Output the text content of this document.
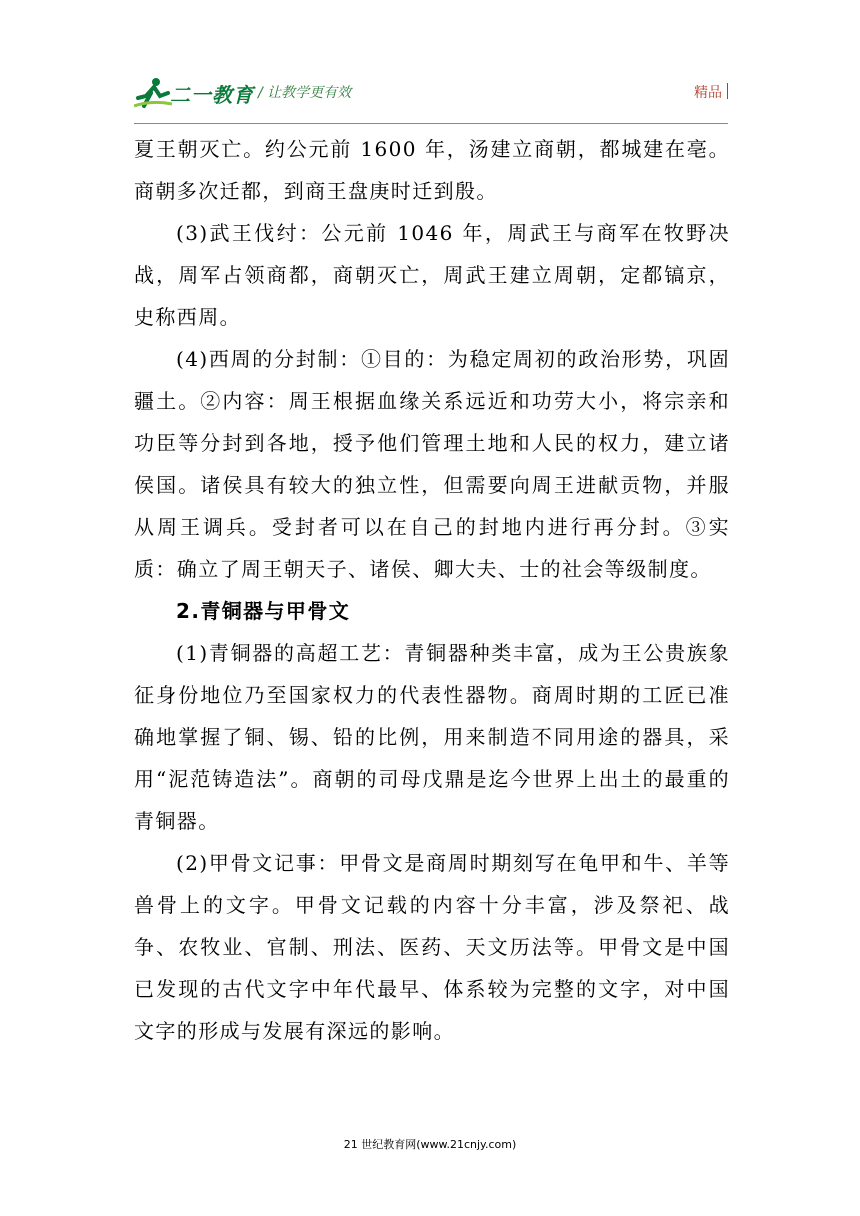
二一教育 / 让教学更有效	精品

夏王朝灭亡。约公元前 1600 年，汤建立商朝，都城建在亳。商朝多次迁都，到商王盘庚时迁到殷。

(3)武王伐纣：公元前 1046 年，周武王与商军在牧野决战，周军占领商都，商朝灭亡，周武王建立周朝，定都镐京，史称西周。

(4)西周的分封制：①目的：为稳定周初的政治形势，巩固疆土。②内容：周王根据血缘关系远近和功劳大小，将宗亲和功臣等分封到各地，授予他们管理土地和人民的权力，建立诸侯国。诸侯具有较大的独立性，但需要向周王进献贡物，并服从周王调兵。受封者可以在自己的封地内进行再分封。③实质：确立了周王朝天子、诸侯、卿大夫、士的社会等级制度。

2.青铜器与甲骨文

(1)青铜器的高超工艺：青铜器种类丰富，成为王公贵族象征身份地位乃至国家权力的代表性器物。商周时期的工匠已准确地掌握了铜、锡、铅的比例，用来制造不同用途的器具，采用“泥范铸造法”。商朝的司母戊鼎是迄今世界上出土的最重的青铜器。

(2)甲骨文记事：甲骨文是商周时期刻写在龟甲和牛、羊等兽骨上的文字。甲骨文记载的内容十分丰富，涉及祭祀、战争、农牧业、官制、刑法、医药、天文历法等。甲骨文是中国已发现的古代文字中年代最早、体系较为完整的文字，对中国文字的形成与发展有深远的影响。

21 世纪教育网(www.21cnjy.com)
